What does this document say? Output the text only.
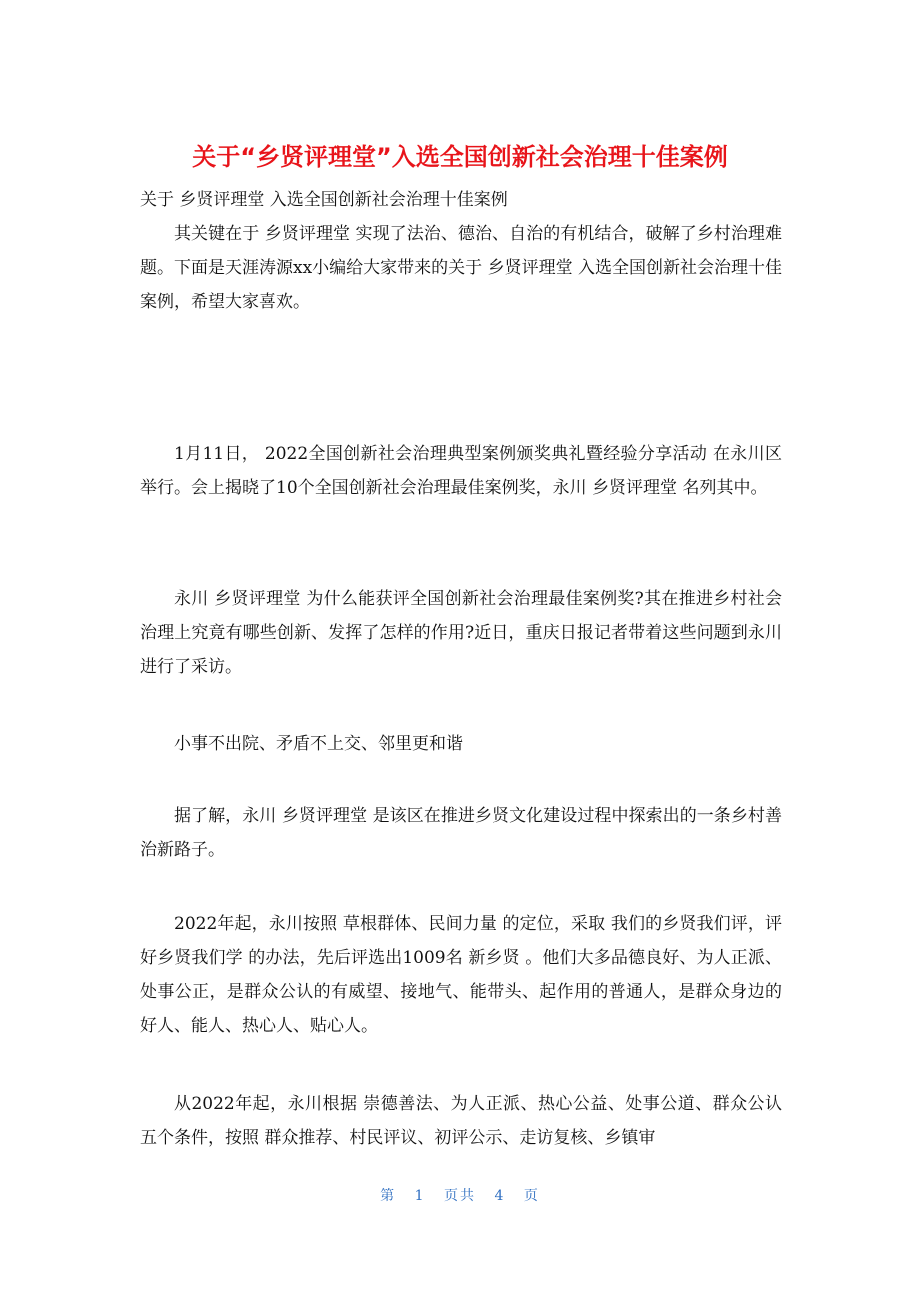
关于“乡贤评理堂”入选全国创新社会治理十佳案例

关于 乡贤评理堂 入选全国创新社会治理十佳案例

其关键在于 乡贤评理堂 实现了法治、德治、自治的有机结合，破解了乡村治理难题。下面是天涯涛源xx小编给大家带来的关于 乡贤评理堂 入选全国创新社会治理十佳案例，希望大家喜欢。

1月11日， 2022全国创新社会治理典型案例颁奖典礼暨经验分享活动 在永川区举行。会上揭晓了10个全国创新社会治理最佳案例奖，永川 乡贤评理堂 名列其中。

永川 乡贤评理堂 为什么能获评全国创新社会治理最佳案例奖?其在推进乡村社会治理上究竟有哪些创新、发挥了怎样的作用?近日，重庆日报记者带着这些问题到永川进行了采访。

小事不出院、矛盾不上交、邻里更和谐

据了解，永川 乡贤评理堂 是该区在推进乡贤文化建设过程中探索出的一条乡村善治新路子。

2022年起，永川按照 草根群体、民间力量 的定位，采取 我们的乡贤我们评，评好乡贤我们学 的办法，先后评选出1009名 新乡贤 。他们大多品德良好、为人正派、处事公正，是群众公认的有威望、接地气、能带头、起作用的普通人，是群众身边的好人、能人、热心人、贴心人。

从2022年起，永川根据 崇德善法、为人正派、热心公益、处事公道、群众公认 五个条件，按照 群众推荐、村民评议、初评公示、走访复核、乡镇审

第 1 页共 4 页
